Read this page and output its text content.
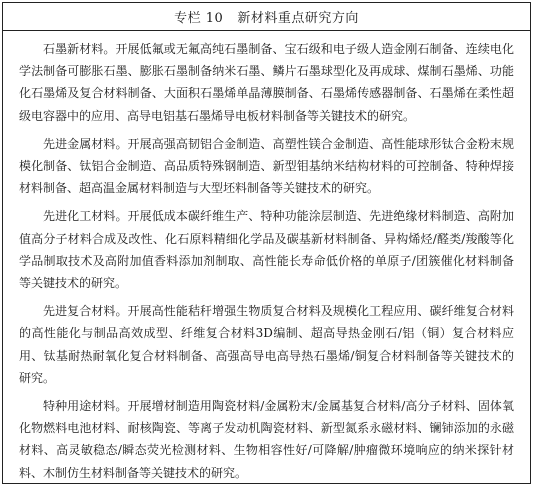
专栏 10 新材料重点研究方向

石墨新材料。开展低氟或无氟高纯石墨制备、宝石级和电子级人造金刚石制备、连续电化学法制备可膨胀石墨、膨胀石墨制备纳米石墨、鳞片石墨球型化及再成球、煤制石墨烯、功能化石墨烯及复合材料制备、大面积石墨烯单晶薄膜制备、石墨烯传感器制备、石墨烯在柔性超级电容器中的应用、高导电铝基石墨烯导电板材料制备等关键技术的研究。

先进金属材料。开展高强高韧铝合金制造、高塑性镁合金制造、高性能球形钛合金粉末规模化制备、钛铝合金制造、高品质特殊钢制造、新型钼基纳米结构材料的可控制备、特种焊接材料制备、超高温金属材料制造与大型坯料制备等关键技术的研究。

先进化工材料。开展低成本碳纤维生产、特种功能涂层制造、先进绝缘材料制造、高附加值高分子材料合成及改性、化石原料精细化学品及碳基新材料制备、异构烯烃/醛类/羧酸等化学品制取技术及高附加值香料添加剂制取、高性能长寿命低价格的单原子/团簇催化材料制备等关键技术的研究。

先进复合材料。开展高性能秸秆增强生物质复合材料及规模化工程应用、碳纤维复合材料的高性能化与制品高效成型、纤维复合材料3D编制、超高导热金刚石/铝（铜）复合材料应用、钛基耐热耐氧化复合材料制备、高强高导电高导热石墨烯/铜复合材料制备等关键技术的研究。

特种用途材料。开展增材制造用陶瓷材料/金属粉末/金属基复合材料/高分子材料、固体氧化物燃料电池材料、耐核陶瓷、等离子发动机陶瓷材料、新型氮系永磁材料、镧铈添加的永磁材料、高灵敏稳态/瞬态荧光检测材料、生物相容性好/可降解/肿瘤微环境响应的纳米探针材料、木制仿生材料制备等关键技术的研究。
